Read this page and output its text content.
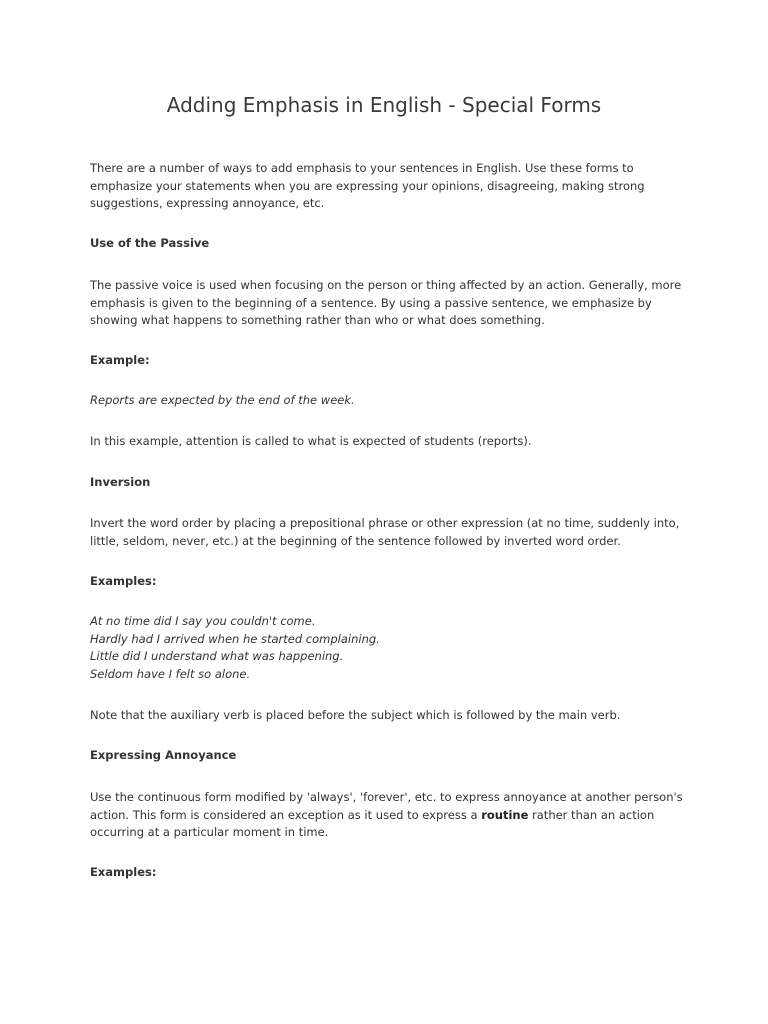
Adding Emphasis in English - Special Forms

There are a number of ways to add emphasis to your sentences in English. Use these forms to
emphasize your statements when you are expressing your opinions, disagreeing, making strong
suggestions, expressing annoyance, etc.

Use of the Passive

The passive voice is used when focusing on the person or thing affected by an action. Generally, more
emphasis is given to the beginning of a sentence. By using a passive sentence, we emphasize by
showing what happens to something rather than who or what does something.

Example:

Reports are expected by the end of the week.

In this example, attention is called to what is expected of students (reports).

Inversion

Invert the word order by placing a prepositional phrase or other expression (at no time, suddenly into,
little, seldom, never, etc.) at the beginning of the sentence followed by inverted word order.

Examples:

At no time did I say you couldn't come.
Hardly had I arrived when he started complaining.
Little did I understand what was happening.
Seldom have I felt so alone.

Note that the auxiliary verb is placed before the subject which is followed by the main verb.

Expressing Annoyance

Use the continuous form modified by 'always', 'forever', etc. to express annoyance at another person's
action. This form is considered an exception as it used to express a routine rather than an action
occurring at a particular moment in time.

Examples:
